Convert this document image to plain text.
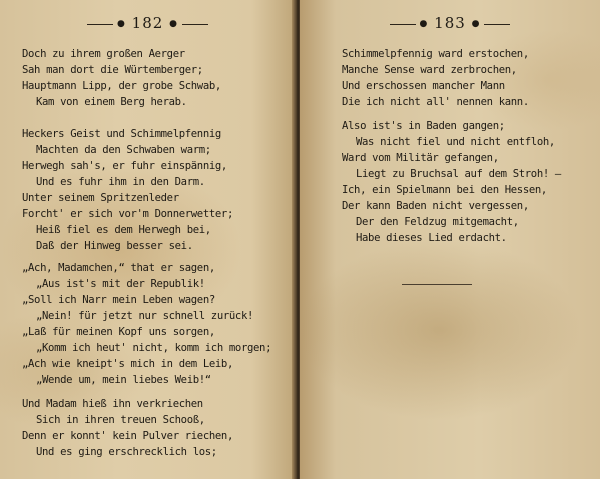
● 182 ●
Doch zu ihrem großen Aerger
Sah man dort die Würtemberger;
Hauptmann Lipp, der grobe Schwab,
Kam von einem Berg herab.
Heckers Geist und Schimmelpfennig
Machten da den Schwaben warm;
Herwegh sah's, er fuhr einspännig,
Und es fuhr ihm in den Darm.
Unter seinem Spritzenleder
Forcht' er sich vor'm Donnerwetter;
Heiß fiel es dem Herwegh bei,
Daß der Hinweg besser sei.
„Ach, Madamchen,“ that er sagen,
„Aus ist's mit der Republik!
„Soll ich Narr mein Leben wagen?
„Nein! für jetzt nur schnell zurück!
„Laß für meinen Kopf uns sorgen,
„Komm ich heut' nicht, komm ich morgen;
„Ach wie kneipt's mich in dem Leib,
„Wende um, mein liebes Weib!“
Und Madam hieß ihn verkriechen
Sich in ihren treuen Schooß,
Denn er konnt' kein Pulver riechen,
Und es ging erschrecklich los;
● 183 ●
Schimmelpfennig ward erstochen,
Manche Sense ward zerbrochen,
Und erschossen mancher Mann
Die ich nicht all' nennen kann.
Also ist's in Baden gangen;
Was nicht fiel und nicht entfloh,
Ward vom Militär gefangen,
Liegt zu Bruchsal auf dem Stroh! —
Ich, ein Spielmann bei den Hessen,
Der kann Baden nicht vergessen,
Der den Feldzug mitgemacht,
Habe dieses Lied erdacht.
